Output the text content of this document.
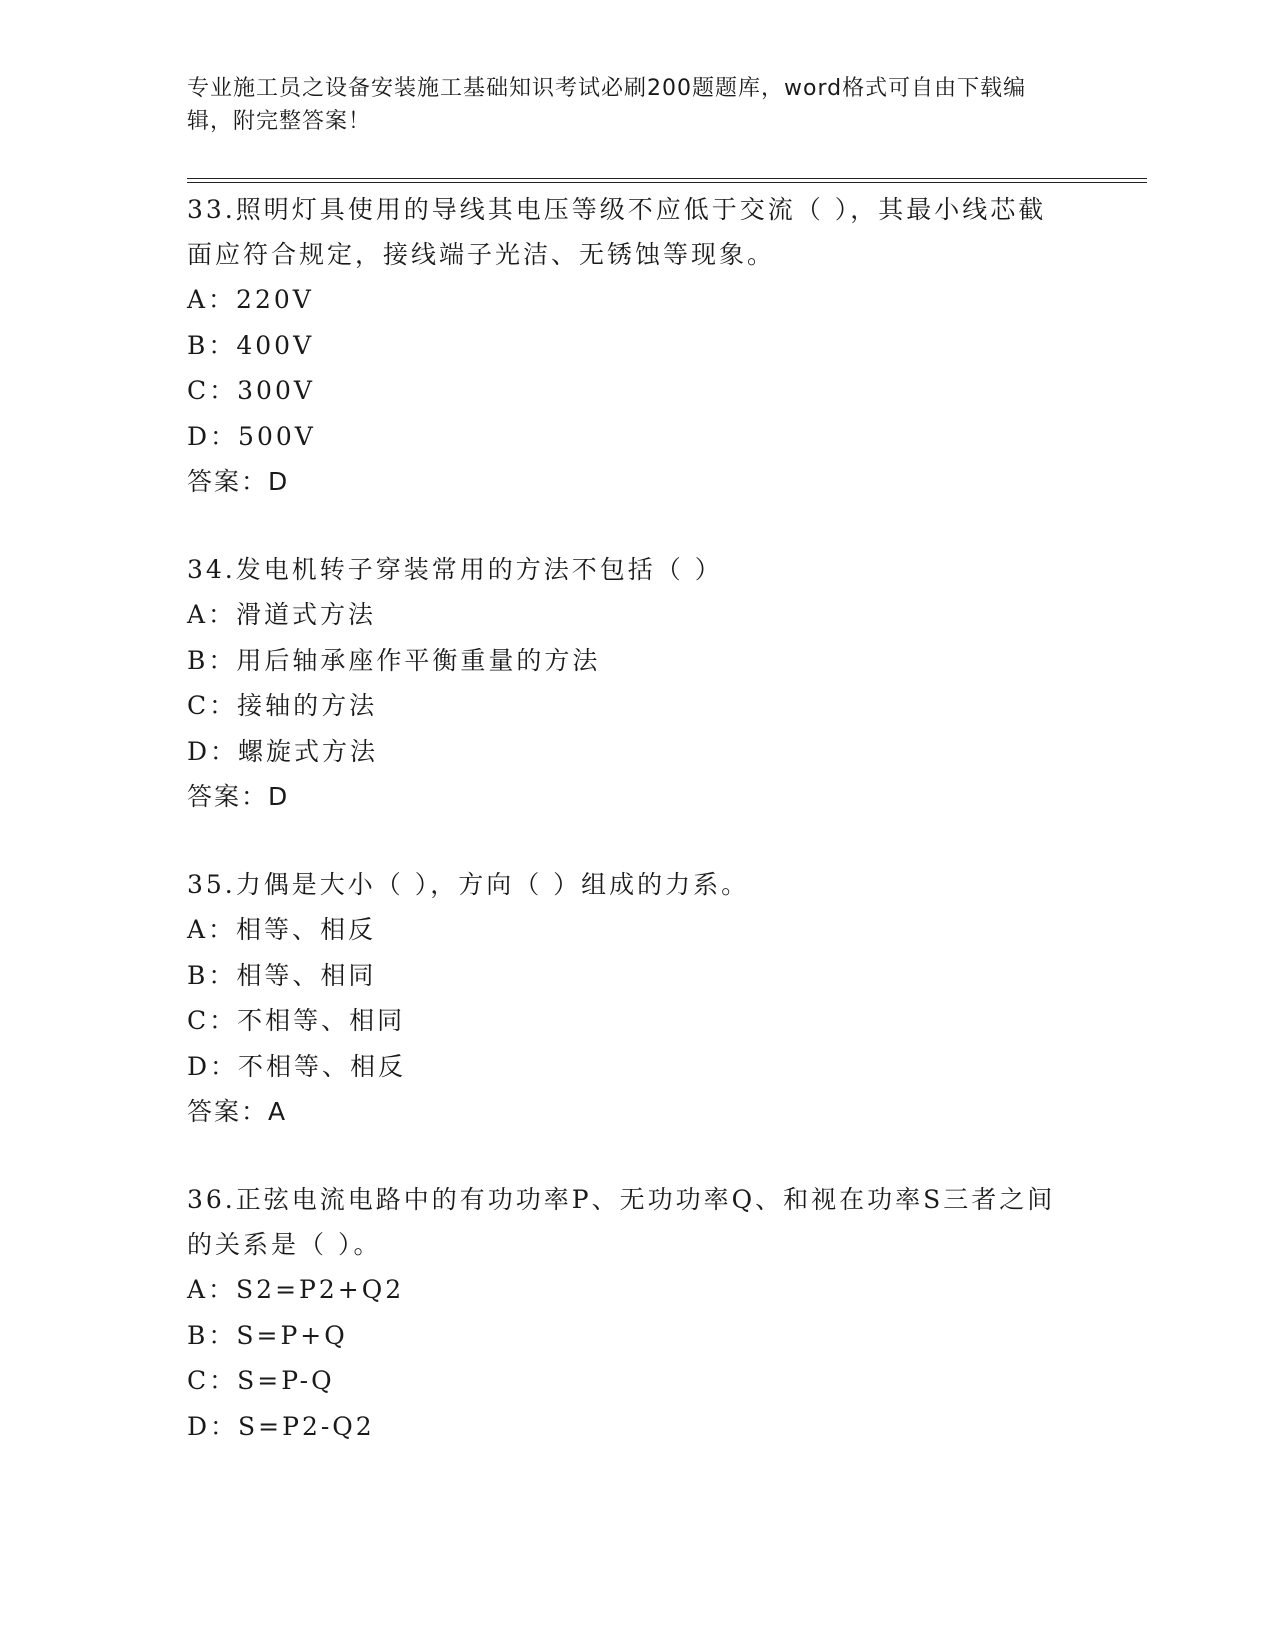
专业施工员之设备安装施工基础知识考试必刷200题题库，word格式可自由下载编辑，附完整答案！

33.照明灯具使用的导线其电压等级不应低于交流（ ），其最小线芯截面应符合规定，接线端子光洁、无锈蚀等现象。

A：220V

B：400V

C：300V

D：500V

答案：D

34.发电机转子穿装常用的方法不包括（ ）

A：滑道式方法

B：用后轴承座作平衡重量的方法

C：接轴的方法

D：螺旋式方法

答案：D

35.力偶是大小（ ），方向（ ）组成的力系。

A：相等、相反

B：相等、相同

C：不相等、相同

D：不相等、相反

答案：A

36.正弦电流电路中的有功功率P、无功功率Q、和视在功率S三者之间的关系是（ ）。

A：S2=P2+Q2

B：S=P+Q

C：S=P-Q

D：S=P2-Q2
